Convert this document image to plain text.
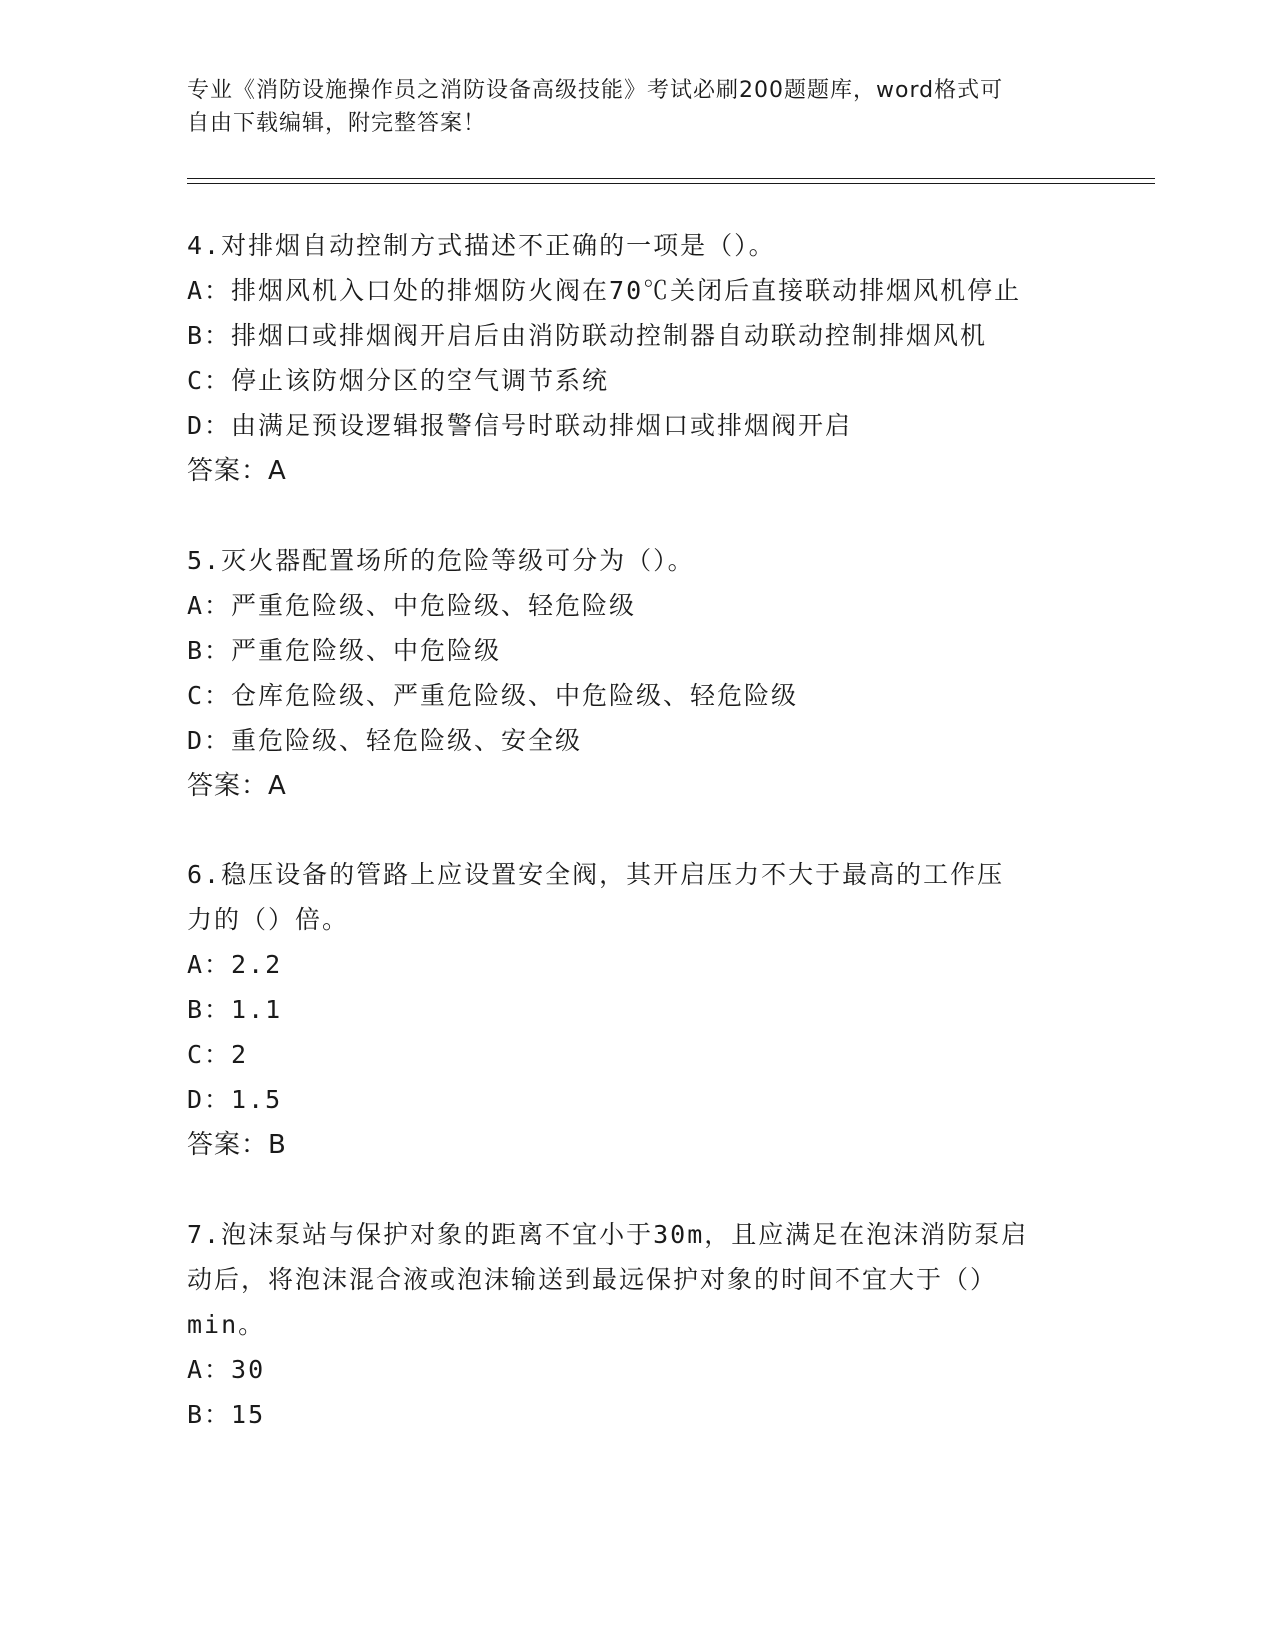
专业《消防设施操作员之消防设备高级技能》考试必刷200题题库，word格式可
自由下载编辑，附完整答案！
4.对排烟自动控制方式描述不正确的一项是（）。
A：排烟风机入口处的排烟防火阀在70℃关闭后直接联动排烟风机停止
B：排烟口或排烟阀开启后由消防联动控制器自动联动控制排烟风机
C：停止该防烟分区的空气调节系统
D：由满足预设逻辑报警信号时联动排烟口或排烟阀开启
答案：A
5.灭火器配置场所的危险等级可分为（）。
A：严重危险级、中危险级、轻危险级
B：严重危险级、中危险级
C：仓库危险级、严重危险级、中危险级、轻危险级
D：重危险级、轻危险级、安全级
答案：A
6.稳压设备的管路上应设置安全阀，其开启压力不大于最高的工作压
力的（）倍。
A：2.2
B：1.1
C：2
D：1.5
答案：B
7.泡沫泵站与保护对象的距离不宜小于30m，且应满足在泡沫消防泵启
动后，将泡沫混合液或泡沫输送到最远保护对象的时间不宜大于（）
min。
A：30
B：15
